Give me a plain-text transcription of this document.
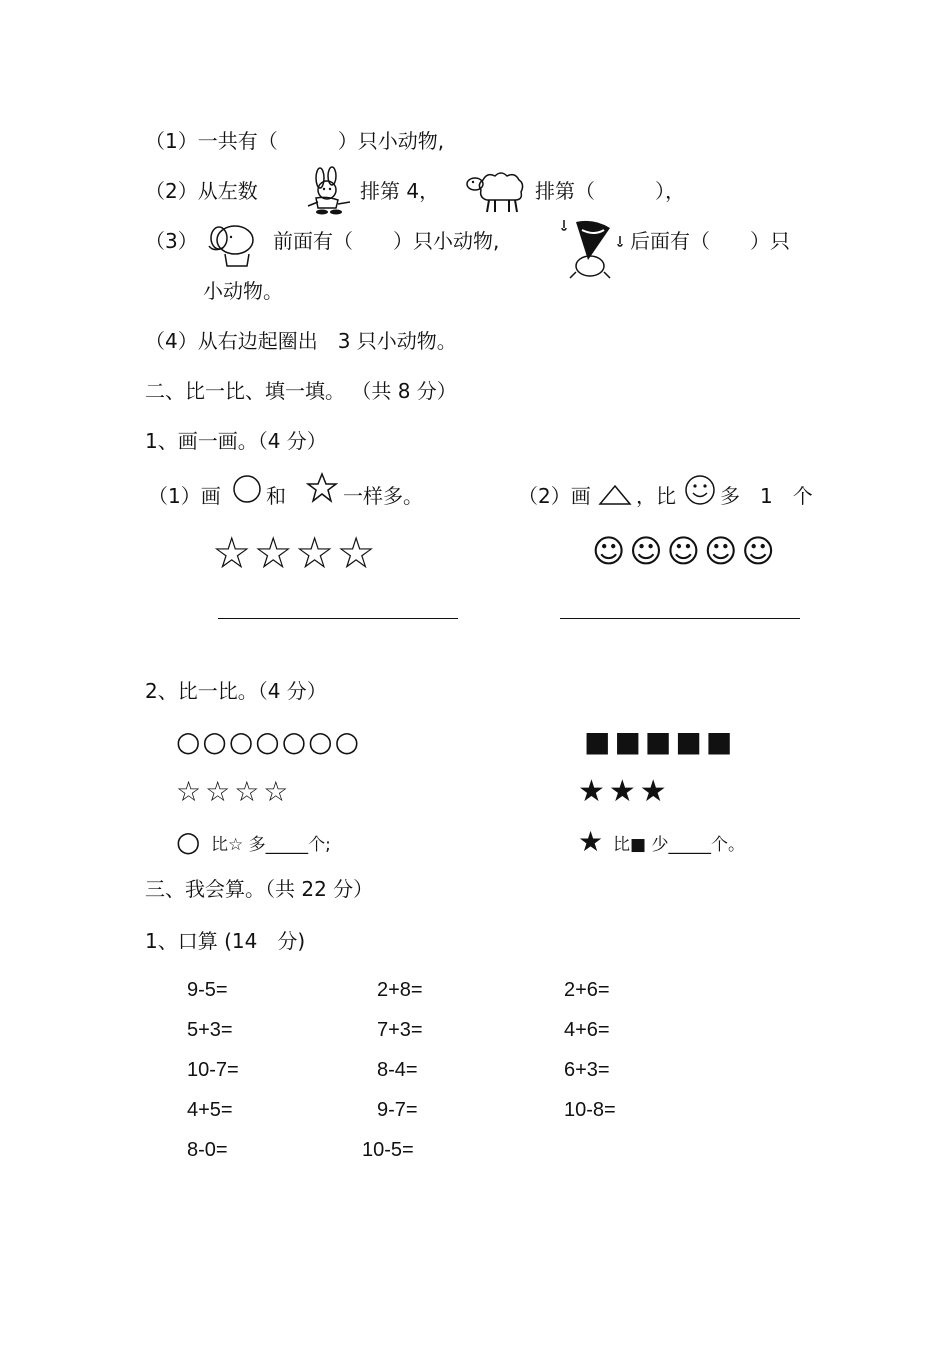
（1）一共有（　　　）只小动物,
（2）从左数	排第 4，	排第（　　　），
（3）	前面有（　　）只小动物,	后面有（　　）只
小动物。
（4）从右边起圈出　3 只小动物。
二、比一比、填一填。 （共 8 分）
1、画一画。（4 分）
（1）画 和	一样多。	（2）画 ，比 多　1　个
☆☆☆☆	☺☺☺☺☺
2、比一比。（4 分）
○○○○○○○	■■■■■
☆☆☆☆	★★★
○ 比☆ 多_____个;	★ 比■ 少_____个。
三、我会算。（共 22 分）
1、口算 (14　分)
9-5=	2+8=	2+6=
5+3=	7+3=	4+6=
10-7=	8-4=	6+3=
4+5=	9-7=	10-8=
8-0=	10-5=
